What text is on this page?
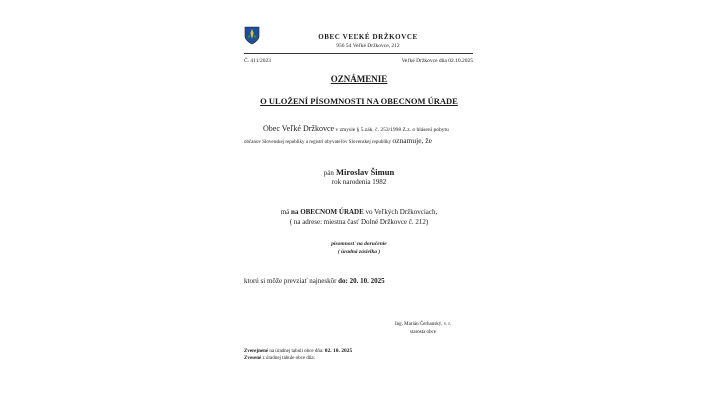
OBEC VEĽKÉ DRŽKOVCE
956 54 Veľké Držkovce, 212
Č. 411/2023	Veľké Držkovce dňa 02.10.2025
OZNÁMENIE
O ULOŽENÍ PÍSOMNOSTI NA OBECNOM ÚRADE
Obec Veľké Držkovce v zmysle § 5.zák. č. 253/1998 Z.z. o hlásení pobytu
občanov Slovenskej republiky a registri obyvateľov Slovenskej republiky oznamuje, že
pán Miroslav Šimun
rok narodenia 1982
má na OBECNOM ÚRADE vo Veľkých Držkovciach,
( na adrese: miestna časť Dolné Držkovce č. 212)
písomnosť na doručenie
( úradná zásielka )
ktorú si môže prevziať najneskôr do: 20. 10. 2025
Ing. Marián Čerhanský, v. r.
starosta obce
Zverejnené na úradnej tabuli obce dňa: 02. 10. 2025
Zvesené z úradnej tabule obce dňa:
